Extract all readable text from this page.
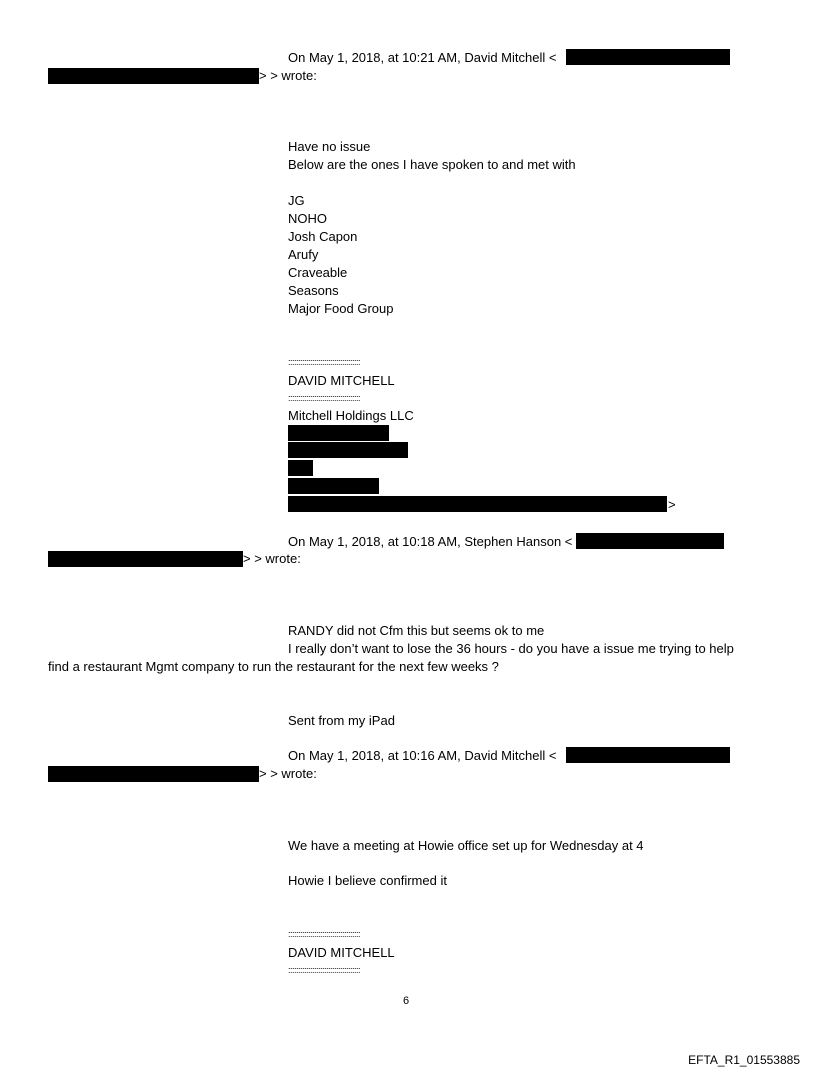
On May 1, 2018, at 10:21 AM, David Mitchell <
> > wrote:
Have no issue
Below are the ones I have spoken to and met with
JG
NOHO
Josh Capon
Arufy
Craveable
Seasons
Major Food Group
::::::::::::::::::::::::::::::::::::
DAVID MITCHELL
::::::::::::::::::::::::::::::::::::
Mitchell Holdings LLC
>
On May 1, 2018, at 10:18 AM, Stephen Hanson <
> > wrote:
RANDY did not Cfm this but seems ok to me
I really don’t want to lose the 36 hours - do you have a issue me trying to help
find a restaurant Mgmt company to run the restaurant for the next few weeks ?
Sent from my iPad
On May 1, 2018, at 10:16 AM, David Mitchell <
> > wrote:
We have a meeting at Howie office set up for Wednesday at 4
Howie I believe confirmed it
::::::::::::::::::::::::::::::::::::
DAVID MITCHELL
::::::::::::::::::::::::::::::::::::
6
EFTA_R1_01553885
